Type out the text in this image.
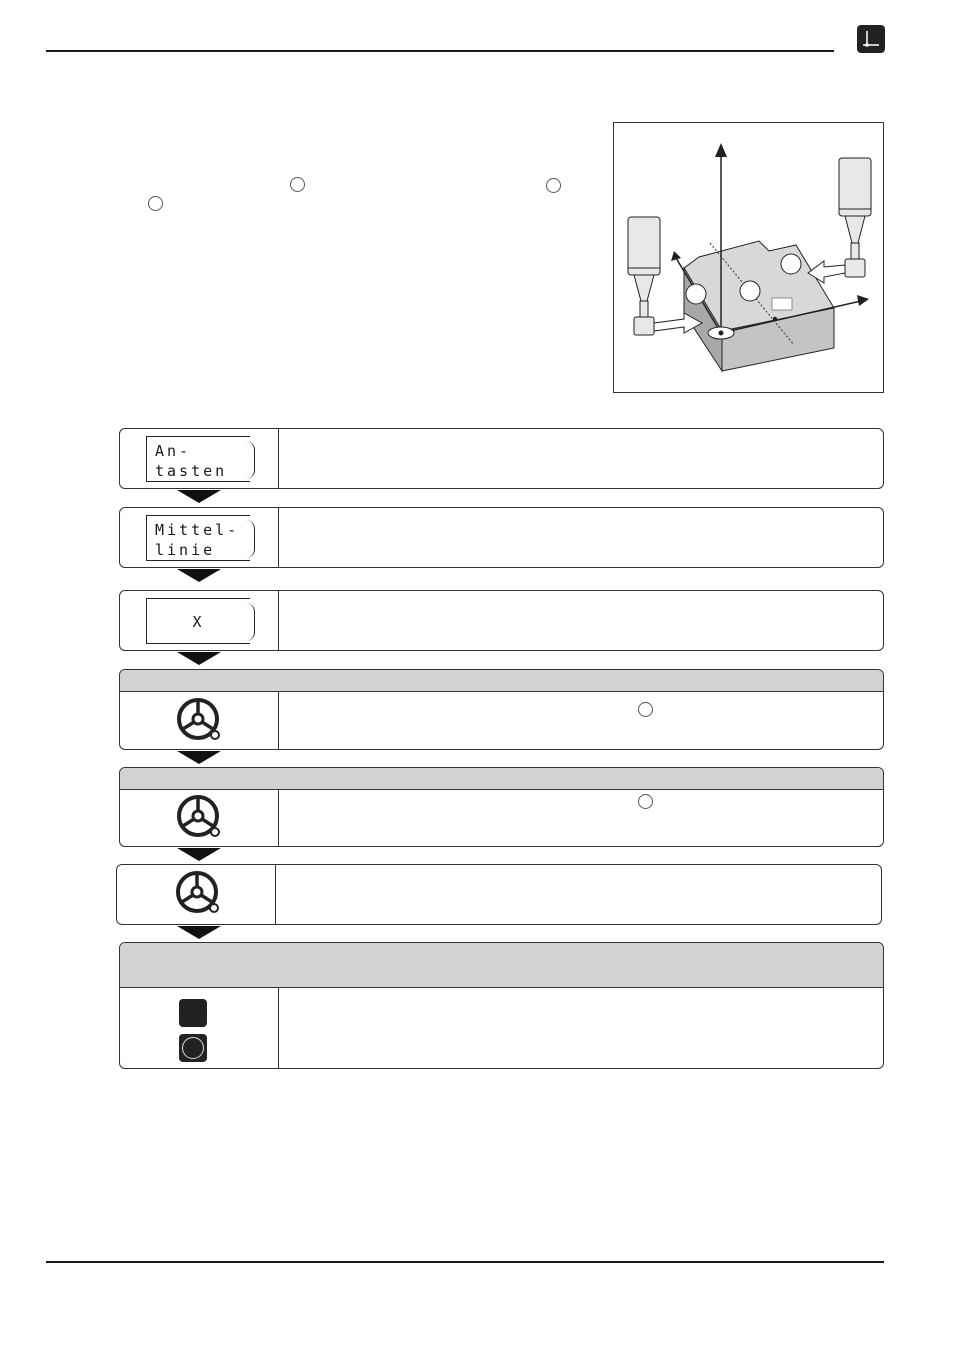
An-
tasten
Mittel-
linie
X
